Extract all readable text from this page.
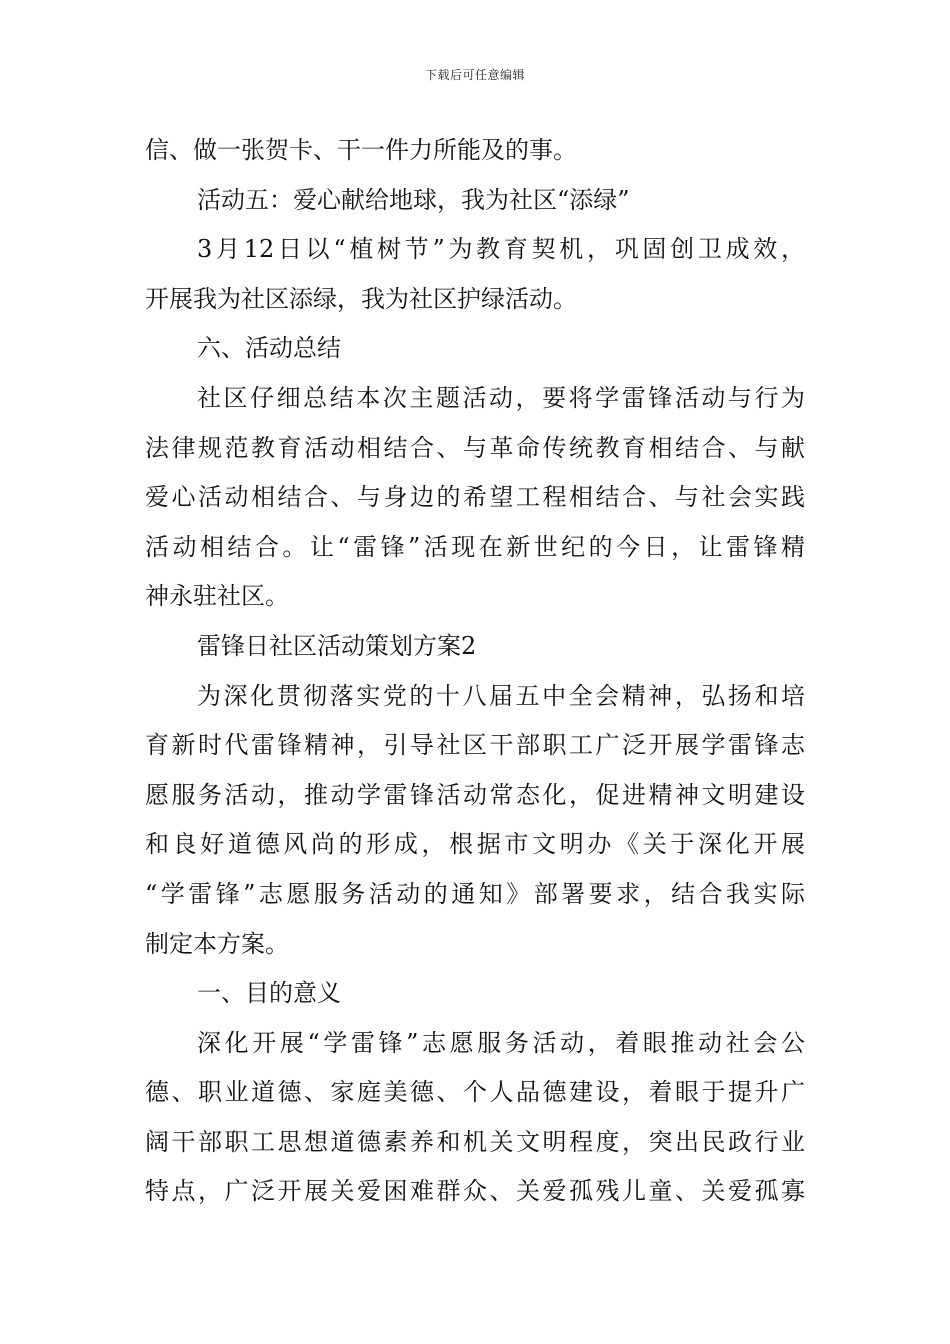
下载后可任意编辑
信、做一张贺卡、干一件力所能及的事。
活动五：爱心献给地球，我为社区“添绿”
3月12日以“植树节”为教育契机，巩固创卫成效，
开展我为社区添绿，我为社区护绿活动。
六、活动总结
社区仔细总结本次主题活动，要将学雷锋活动与行为
法律规范教育活动相结合、与革命传统教育相结合、与献
爱心活动相结合、与身边的希望工程相结合、与社会实践
活动相结合。让“雷锋”活现在新世纪的今日，让雷锋精
神永驻社区。
雷锋日社区活动策划方案2
为深化贯彻落实党的十八届五中全会精神，弘扬和培
育新时代雷锋精神，引导社区干部职工广泛开展学雷锋志
愿服务活动，推动学雷锋活动常态化，促进精神文明建设
和良好道德风尚的形成，根据市文明办《关于深化开展
“学雷锋”志愿服务活动的通知》部署要求，结合我实际
制定本方案。
一、目的意义
深化开展“学雷锋”志愿服务活动，着眼推动社会公
德、职业道德、家庭美德、个人品德建设，着眼于提升广
阔干部职工思想道德素养和机关文明程度，突出民政行业
特点，广泛开展关爱困难群众、关爱孤残儿童、关爱孤寡
